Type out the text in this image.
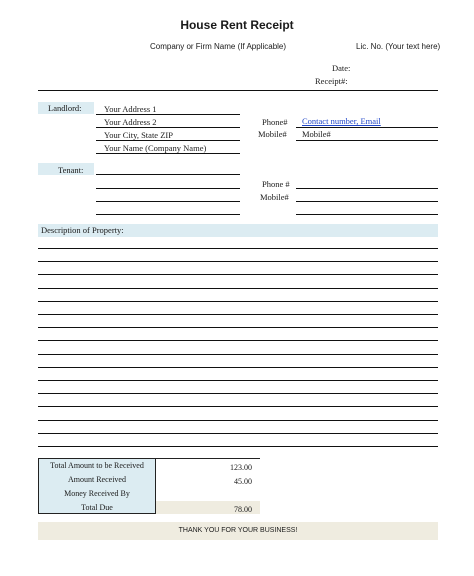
House Rent Receipt
Company or Firm Name (If Applicable)	Lic. No. (Your text here)
Date:
Receipt#:
Landlord:	Your Address 1
Your Address 2
Your City, State ZIP
Your Name (Company Name)
Phone# Contact number, Email
Mobile# Mobile#
Tenant:
Phone #
Mobile#
Description of Property:
Total Amount to be Received	123.00
Amount Received	45.00
Money Received By
Total Due	78.00
THANK YOU FOR YOUR BUSINESS!
